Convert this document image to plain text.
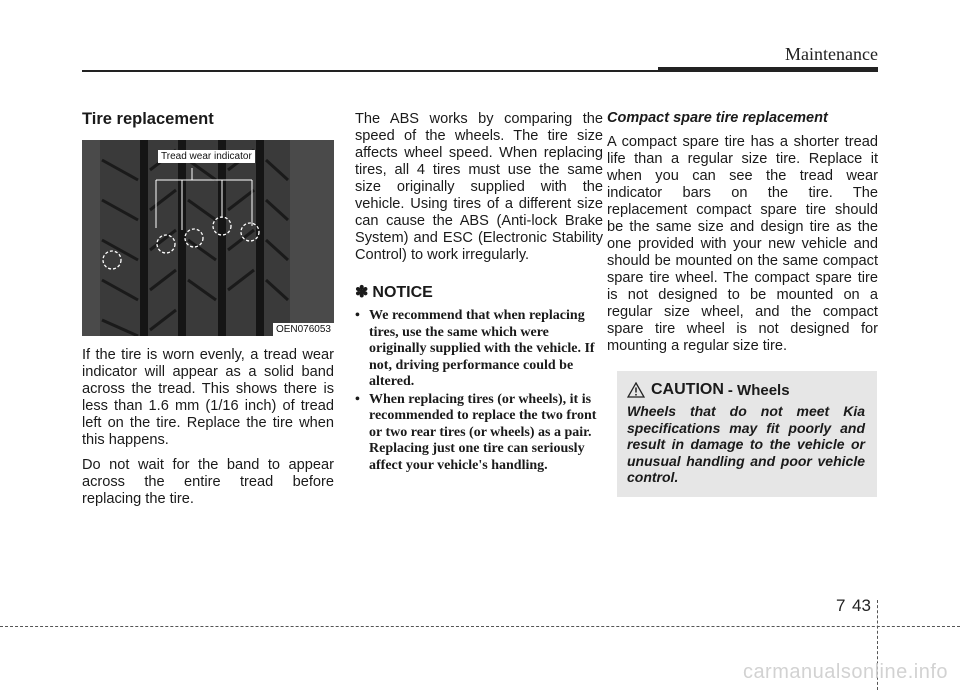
Maintenance
Tire replacement
Tread wear indicator
OEN076053

If the tire is worn evenly, a tread wear indicator will appear as a solid band across the tread. This shows there is less than 1.6 mm (1/16 inch) of tread left on the tire. Replace the tire when this happens.

Do not wait for the band to appear across the entire tread before replacing the tire.

The ABS works by comparing the speed of the wheels. The tire size affects wheel speed. When replacing tires, all 4 tires must use the same size originally supplied with the vehicle. Using tires of a different size can cause the ABS (Anti-lock Brake System) and ESC (Electronic Stability Control) to work irregularly.

✽ NOTICE
• We recommend that when replacing tires, use the same which were originally supplied with the vehicle. If not, driving performance could be altered.
• When replacing tires (or wheels), it is recommended to replace the two front or two rear tires (or wheels) as a pair. Replacing just one tire can seriously affect your vehicle's handling.
Compact spare tire replacement

A compact spare tire has a shorter tread life than a regular size tire. Replace it when you can see the tread wear indicator bars on the tire. The replacement compact spare tire should be the same size and design tire as the one provided with your new vehicle and should be mounted on the same compact spare tire wheel. The compact spare tire is not designed to be mounted on a regular size wheel, and the compact spare tire wheel is not designed for mounting a regular size tire.

CAUTION - Wheels
Wheels that do not meet Kia specifications may fit poorly and result in damage to the vehicle or unusual handling and poor vehicle control.
7 43
carmanualsonline.info
